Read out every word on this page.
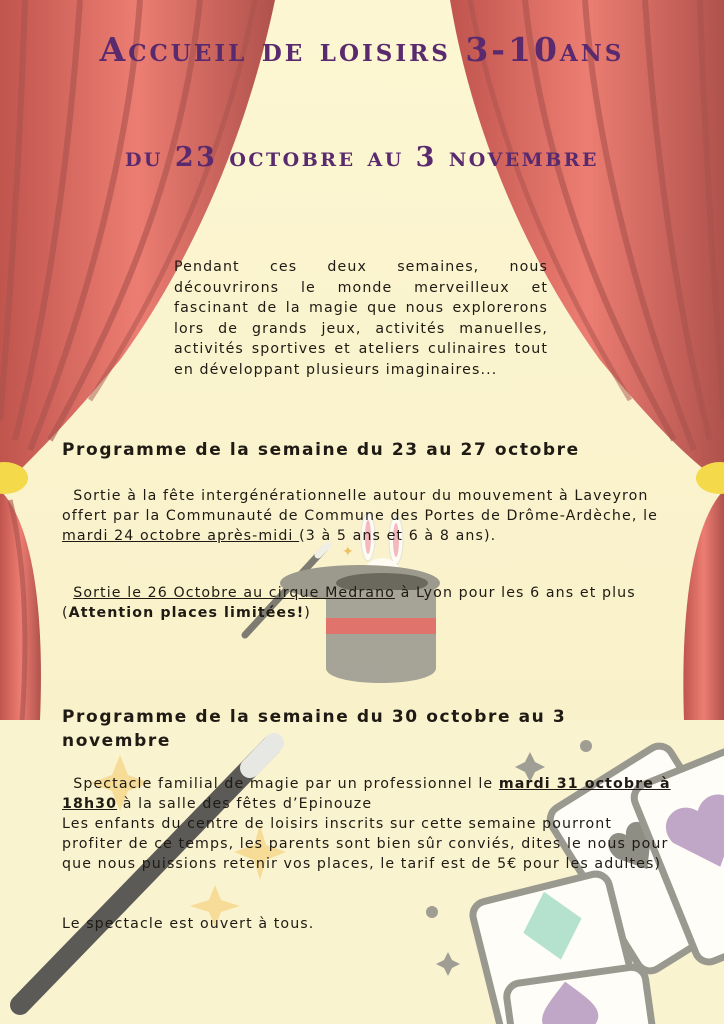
✦
Accueil de loisirs 3-10ans
du 23 octobre au 3 novembre

Pendant ces deux semaines, nous découvrirons le monde merveilleux et fascinant de la magie que nous explorerons lors de grands jeux, activités manuelles, activités sportives et ateliers culinaires tout en développant plusieurs imaginaires...

Programme de la semaine du 23 au 27 octobre

Sortie à la fête intergénérationnelle autour du mouvement à Laveyron offert par la Communauté de Commune des Portes de Drôme-Ardèche, le mardi 24 octobre après-midi (3 à 5 ans et 6 à 8 ans).

Sortie le 26 Octobre au cirque Medrano à Lyon pour les 6 ans et plus (Attention places limitées!)

Programme de la semaine du 30 octobre au 3 novembre

Spectacle familial de magie par un professionnel le mardi 31 octobre à 18h30 à la salle des fêtes d’Epinouze
Les enfants du centre de loisirs inscrits sur cette semaine pourront profiter de ce temps, les parents sont bien sûr conviés, dites le nous pour que nous puissions retenir vos places, le tarif est de 5€ pour les adultes)

Le spectacle est ouvert à tous.
